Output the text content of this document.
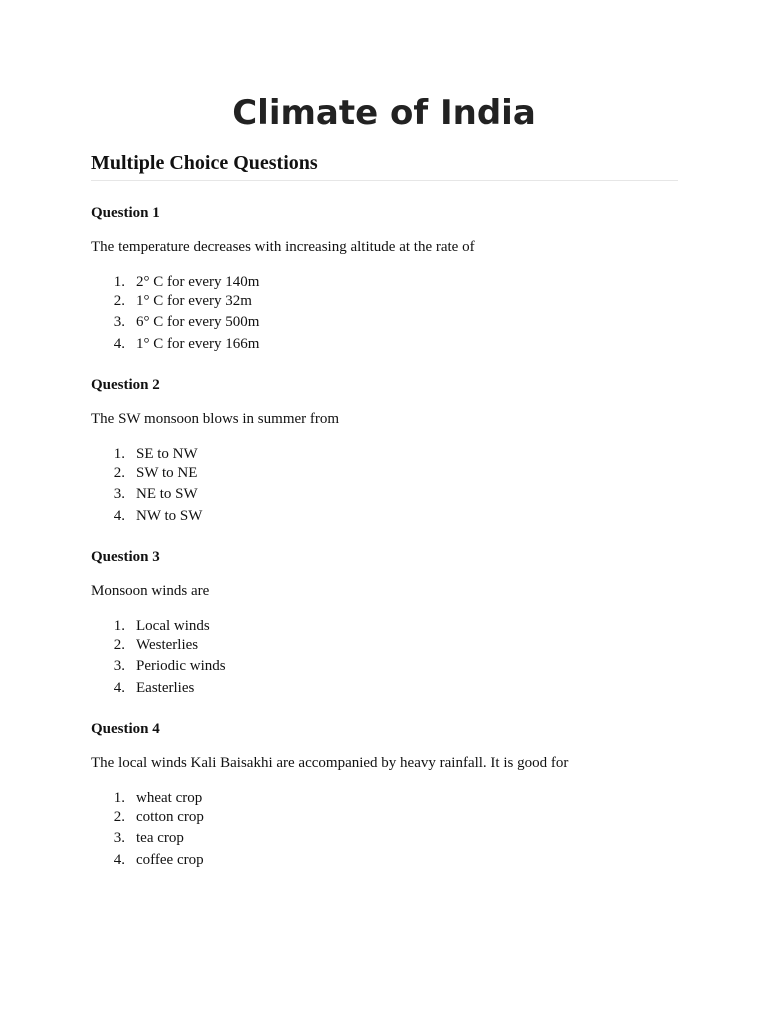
Climate of India
Multiple Choice Questions

Question 1

The temperature decreases with increasing altitude at the rate of

1. 2° C for every 140m
2. 1° C for every 32m
3. 6° C for every 500m
4. 1° C for every 166m

Question 2

The SW monsoon blows in summer from

1. SE to NW
2. SW to NE
3. NE to SW
4. NW to SW

Question 3

Monsoon winds are

1. Local winds
2. Westerlies
3. Periodic winds
4. Easterlies

Question 4

The local winds Kali Baisakhi are accompanied by heavy rainfall. It is good for

1. wheat crop
2. cotton crop
3. tea crop
4. coffee crop
